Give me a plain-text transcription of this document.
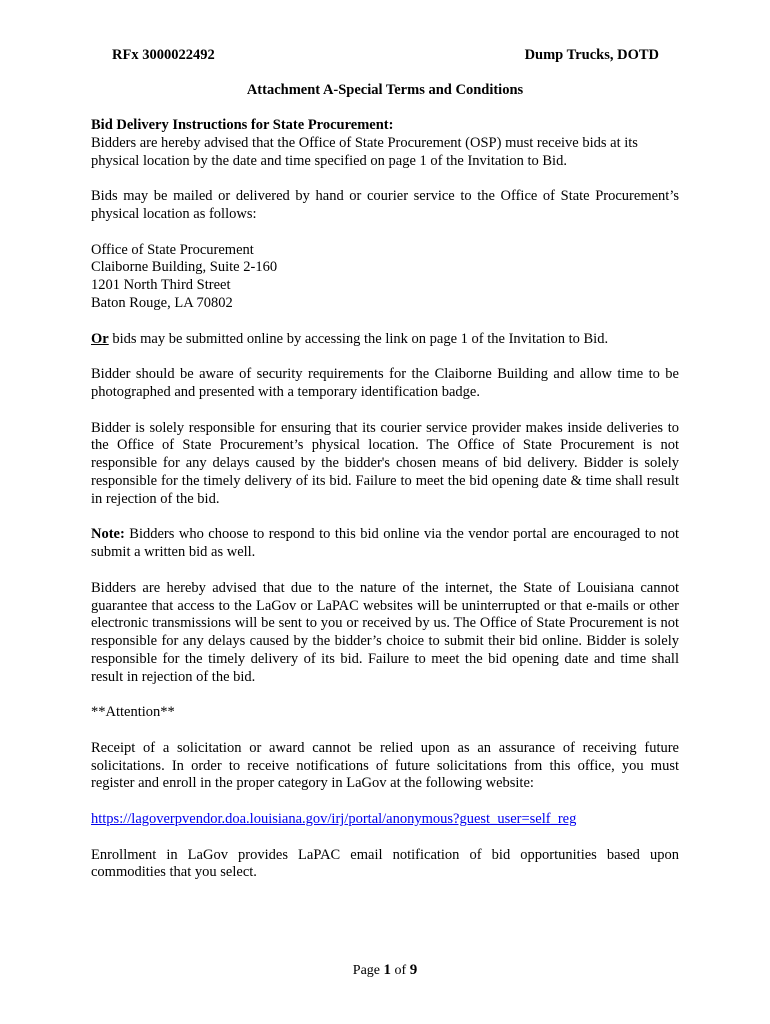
RFx 3000022492	Dump Trucks, DOTD
Attachment A-Special Terms and Conditions

Bid Delivery Instructions for State Procurement:
Bidders are hereby advised that the Office of State Procurement (OSP) must receive bids at its physical location by the date and time specified on page 1 of the Invitation to Bid.

Bids may be mailed or delivered by hand or courier service to the Office of State Procurement’s physical location as follows:

Office of State Procurement
Claiborne Building, Suite 2-160
1201 North Third Street
Baton Rouge, LA 70802

Or bids may be submitted online by accessing the link on page 1 of the Invitation to Bid.

Bidder should be aware of security requirements for the Claiborne Building and allow time to be photographed and presented with a temporary identification badge.

Bidder is solely responsible for ensuring that its courier service provider makes inside deliveries to the Office of State Procurement’s physical location. The Office of State Procurement is not responsible for any delays caused by the bidder's chosen means of bid delivery. Bidder is solely responsible for the timely delivery of its bid. Failure to meet the bid opening date & time shall result in rejection of the bid.

Note: Bidders who choose to respond to this bid online via the vendor portal are encouraged to not submit a written bid as well.

Bidders are hereby advised that due to the nature of the internet, the State of Louisiana cannot guarantee that access to the LaGov or LaPAC websites will be uninterrupted or that e-mails or other electronic transmissions will be sent to you or received by us. The Office of State Procurement is not responsible for any delays caused by the bidder’s choice to submit their bid online. Bidder is solely responsible for the timely delivery of its bid. Failure to meet the bid opening date and time shall result in rejection of the bid.

**Attention**

Receipt of a solicitation or award cannot be relied upon as an assurance of receiving future solicitations. In order to receive notifications of future solicitations from this office, you must register and enroll in the proper category in LaGov at the following website:

https://lagoverpvendor.doa.louisiana.gov/irj/portal/anonymous?guest_user=self_reg

Enrollment in LaGov provides LaPAC email notification of bid opportunities based upon commodities that you select.

Page 1 of 9
